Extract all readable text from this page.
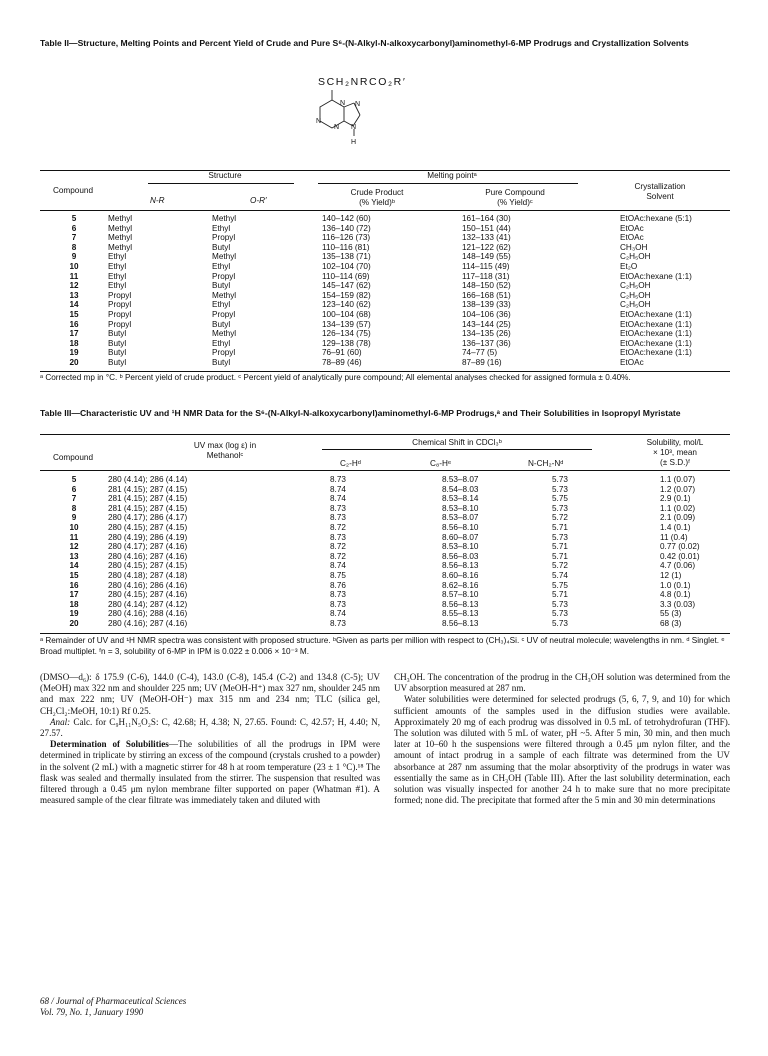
Table II—Structure, Melting Points and Percent Yield of Crude and Pure S⁶-(N-Alkyl-N-alkoxycarbonyl)aminomethyl-6-MP Prodrugs and Crystallization Solvents
SCH₂NRCO₂R′
N
N
N
N
N
H
Compound
Structure
N-R	O-R′
Melting pointᵃ
Crude Product
(% Yield)ᵇ
Pure Compound
(% Yield)ᶜ
Crystallization
Solvent
5	Methyl	Methyl	140–142 (60)	161–164 (30)	EtOAc:hexane (5:1)
6	Methyl	Ethyl	136–140 (72)	150–151 (44)	EtOAc
7	Methyl	Propyl	116–126 (73)	132–133 (41)	EtOAc
8	Methyl	Butyl	110–116 (81)	121–122 (62)	CH₃OH
9	Ethyl	Methyl	135–138 (71)	148–149 (55)	C₂H₅OH
10	Ethyl	Ethyl	102–104 (70)	114–115 (49)	Et₂O
11	Ethyl	Propyl	110–114 (69)	117–118 (31)	EtOAc:hexane (1:1)
12	Ethyl	Butyl	145–147 (62)	148–150 (52)	C₂H₅OH
13	Propyl	Methyl	154–159 (82)	166–168 (51)	C₂H₅OH
14	Propyl	Ethyl	123–140 (62)	138–139 (33)	C₂H₅OH
15	Propyl	Propyl	100–104 (68)	104–106 (36)	EtOAc:hexane (1:1)
16	Propyl	Butyl	134–139 (57)	143–144 (25)	EtOAc:hexane (1:1)
17	Butyl	Methyl	126–134 (75)	134–135 (26)	EtOAc:hexane (1:1)
18	Butyl	Ethyl	129–138 (78)	136–137 (36)	EtOAc:hexane (1:1)
19	Butyl	Propyl	76–91 (60)	74–77 (5)	EtOAc:hexane (1:1)
20	Butyl	Butyl	78–89 (46)	87–89 (16)	EtOAc
ᵃ Corrected mp in °C. ᵇ Percent yield of crude product. ᶜ Percent yield of analytically pure compound; All elemental analyses checked for assigned formula ± 0.40%.
Table III—Characteristic UV and ¹H NMR Data for the S⁶-(N-Alkyl-N-alkoxycarbonyl)aminomethyl-6-MP Prodrugs,ᵃ and Their Solubilities in Isopropyl Myristate
Compound
UV max (log ε) in
Methanolᶜ
Chemical Shift in CDCl₃ᵇ
C₂-Hᵈ	C₈-Hᵉ	N-CH₂-Nᵈ
Solubility, mol/L
× 10³, mean
(± S.D.)ᶠ
5	280 (4.14); 286 (4.14)	8.73	8.53–8.07	5.73	1.1 (0.07)
6	281 (4.15); 287 (4.15)	8.74	8.54–8.03	5.73	1.2 (0.07)
7	281 (4.15); 287 (4.15)	8.74	8.53–8.14	5.75	2.9 (0.1)
8	281 (4.15); 287 (4.15)	8.73	8.53–8.10	5.73	1.1 (0.02)
9	280 (4.17); 286 (4.17)	8.73	8.53–8.07	5.72	2.1 (0.09)
10	280 (4.15); 287 (4.15)	8.72	8.56–8.10	5.71	1.4 (0.1)
11	280 (4.19); 286 (4.19)	8.73	8.60–8.07	5.73	11 (0.4)
12	280 (4.17); 287 (4.16)	8.72	8.53–8.10	5.71	0.77 (0.02)
13	280 (4.16); 287 (4.16)	8.72	8.56–8.03	5.71	0.42 (0.01)
14	280 (4.15); 287 (4.15)	8.74	8.56–8.13	5.72	4.7 (0.06)
15	280 (4.18); 287 (4.18)	8.75	8.60–8.16	5.74	12 (1)
16	280 (4.16); 286 (4.16)	8.76	8.62–8.16	5.75	1.0 (0.1)
17	280 (4.15); 287 (4.16)	8.73	8.57–8.10	5.71	4.8 (0.1)
18	280 (4.14); 287 (4.12)	8.73	8.56–8.13	5.73	3.3 (0.03)
19	280 (4.16); 288 (4.16)	8.74	8.55–8.13	5.73	55 (3)
20	280 (4.16); 287 (4.16)	8.73	8.56–8.13	5.73	68 (3)
ᵃ Remainder of UV and ¹H NMR spectra was consistent with proposed structure. ᵇGiven as parts per million with respect to (CH₃)₄Si. ᶜ UV of neutral molecule; wavelengths in nm. ᵈ Singlet. ᵉ Broad multiplet. ᶠn = 3, solubility of 6-MP in IPM is 0.022 ± 0.006 × 10⁻³ M.

(DMSO—d₆): δ 175.9 (C-6), 144.0 (C-4), 143.0 (C-8), 145.4 (C-2) and 134.8 (C-5); UV (MeOH) max 322 nm and shoulder 225 nm; UV (MeOH-H⁺) max 327 nm, shoulder 245 nm and max 222 nm; UV (MeOH-OH⁻) max 315 nm and 234 nm; TLC (silica gel, CH₂Cl₂:MeOH, 10:1) Rf 0.25.

Anal: Calc. for C₉H₁₁N₅O₂S: C, 42.68; H, 4.38; N, 27.65. Found: C, 42.57; H, 4.40; N, 27.57.

Determination of Solubilities—The solubilities of all the prodrugs in IPM were determined in triplicate by stirring an excess of the compound (crystals crushed to a powder) in the solvent (2 mL) with a magnetic stirrer for 48 h at room temperature (23 ± 1 °C).¹⁸ The flask was sealed and thermally insulated from the stirrer. The suspension that resulted was filtered through a 0.45 μm nylon membrane filter supported on paper (Whatman #1). A measured sample of the clear filtrate was immediately taken and diluted with

CH₃OH. The concentration of the prodrug in the CH₃OH solution was determined from the UV absorption measured at 287 nm.

Water solubilities were determined for selected prodrugs (5, 6, 7, 9, and 10) for which sufficient amounts of the samples used in the diffusion studies were available. Approximately 20 mg of each prodrug was dissolved in 0.5 mL of tetrohydrofuran (THF). The solution was diluted with 5 mL of water, pH ~5. After 5 min, 30 min, and then much later at 10–60 h the suspensions were filtered through a 0.45 μm nylon filter, and the amount of intact prodrug in a sample of each filtrate was determined from the UV absorbance at 287 nm assuming that the molar absorptivity of the prodrugs in water was essentially the same as in CH₃OH (Table III). After the last solubility determination, each solution was visually inspected for another 24 h to make sure that no more precipitate formed; none did. The precipitate that formed after the 5 min and 30 min determinations

68 / Journal of Pharmaceutical Sciences
Vol. 79, No. 1, January 1990
